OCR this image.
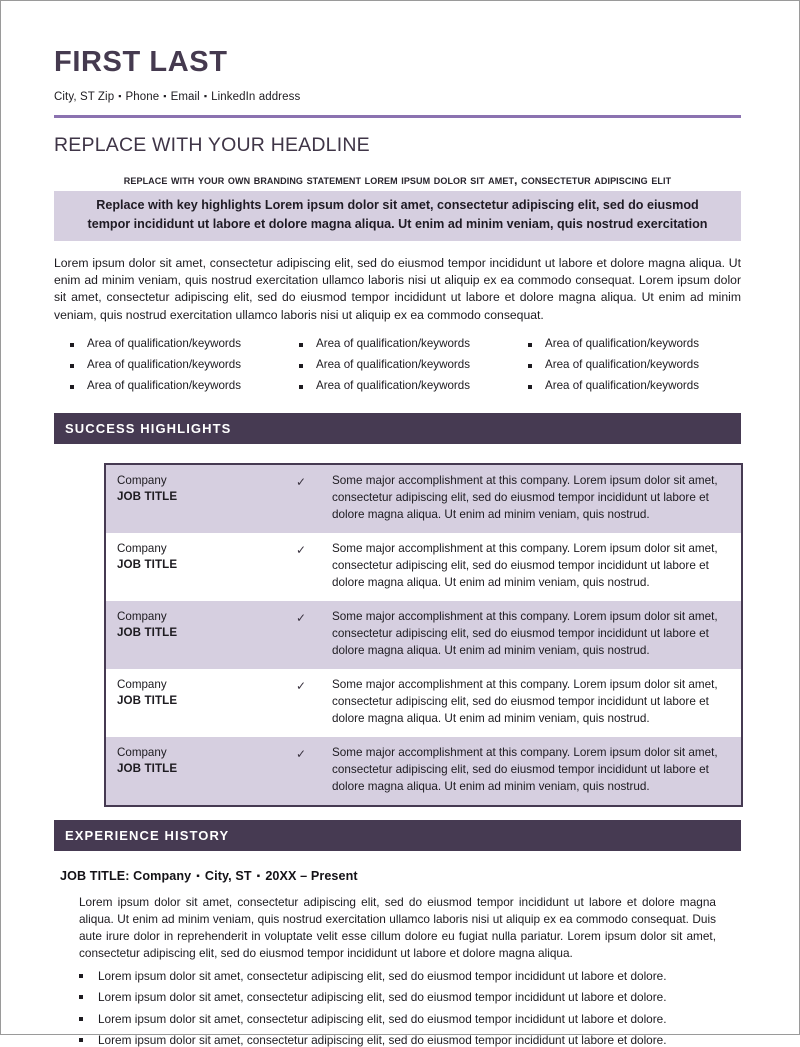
FIRST LAST
City, ST Zip ▪ Phone ▪ Email ▪ LinkedIn address
REPLACE WITH YOUR HEADLINE
replace with your own branding statement lorem ipsum dolor sit amet, consectetur adipiscing elit
Replace with key highlights Lorem ipsum dolor sit amet, consectetur adipiscing elit, sed do eiusmod tempor incididunt ut labore et dolore magna aliqua. Ut enim ad minim veniam, quis nostrud exercitation

Lorem ipsum dolor sit amet, consectetur adipiscing elit, sed do eiusmod tempor incididunt ut labore et dolore magna aliqua. Ut enim ad minim veniam, quis nostrud exercitation ullamco laboris nisi ut aliquip ex ea commodo consequat. Lorem ipsum dolor sit amet, consectetur adipiscing elit, sed do eiusmod tempor incididunt ut labore et dolore magna aliqua. Ut enim ad minim veniam, quis nostrud exercitation ullamco laboris nisi ut aliquip ex ea commodo consequat.

Area of qualification/keywords
Area of qualification/keywords
Area of qualification/keywords
Area of qualification/keywords
Area of qualification/keywords
Area of qualification/keywords
Area of qualification/keywords
Area of qualification/keywords
Area of qualification/keywords
SUCCESS HIGHLIGHTS
Company
JOB TITLE
✓	Some major accomplishment at this company. Lorem ipsum dolor sit amet, consectetur adipiscing elit, sed do eiusmod tempor incididunt ut labore et dolore magna aliqua. Ut enim ad minim veniam, quis nostrud.
Company
JOB TITLE
✓	Some major accomplishment at this company. Lorem ipsum dolor sit amet, consectetur adipiscing elit, sed do eiusmod tempor incididunt ut labore et dolore magna aliqua. Ut enim ad minim veniam, quis nostrud.
Company
JOB TITLE
✓	Some major accomplishment at this company. Lorem ipsum dolor sit amet, consectetur adipiscing elit, sed do eiusmod tempor incididunt ut labore et dolore magna aliqua. Ut enim ad minim veniam, quis nostrud.
Company
JOB TITLE
✓	Some major accomplishment at this company. Lorem ipsum dolor sit amet, consectetur adipiscing elit, sed do eiusmod tempor incididunt ut labore et dolore magna aliqua. Ut enim ad minim veniam, quis nostrud.
Company
JOB TITLE
✓	Some major accomplishment at this company. Lorem ipsum dolor sit amet, consectetur adipiscing elit, sed do eiusmod tempor incididunt ut labore et dolore magna aliqua. Ut enim ad minim veniam, quis nostrud.
EXPERIENCE HISTORY
JOB TITLE: Company ▪ City, ST ▪ 20XX – Present

Lorem ipsum dolor sit amet, consectetur adipiscing elit, sed do eiusmod tempor incididunt ut labore et dolore magna aliqua. Ut enim ad minim veniam, quis nostrud exercitation ullamco laboris nisi ut aliquip ex ea commodo consequat. Duis aute irure dolor in reprehenderit in voluptate velit esse cillum dolore eu fugiat nulla pariatur. Lorem ipsum dolor sit amet, consectetur adipiscing elit, sed do eiusmod tempor incididunt ut labore et dolore magna aliqua.

Lorem ipsum dolor sit amet, consectetur adipiscing elit, sed do eiusmod tempor incididunt ut labore et dolore.
Lorem ipsum dolor sit amet, consectetur adipiscing elit, sed do eiusmod tempor incididunt ut labore et dolore.
Lorem ipsum dolor sit amet, consectetur adipiscing elit, sed do eiusmod tempor incididunt ut labore et dolore.
Lorem ipsum dolor sit amet, consectetur adipiscing elit, sed do eiusmod tempor incididunt ut labore et dolore.
